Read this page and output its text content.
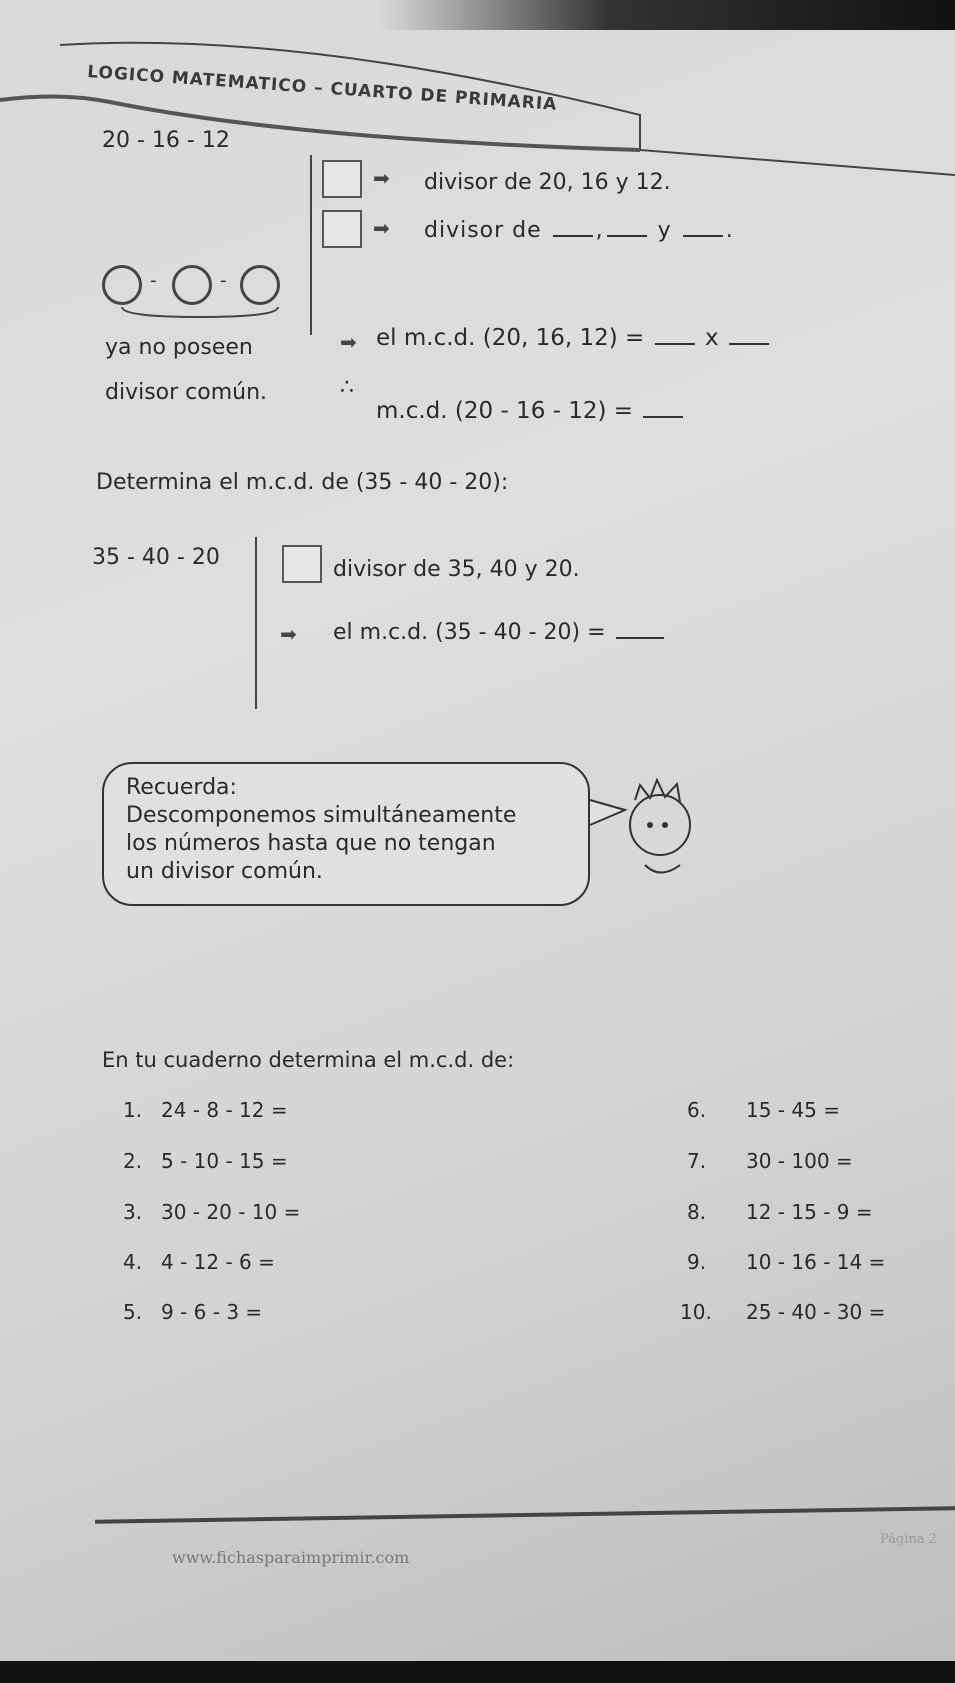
LOGICO MATEMATICO – CUARTO DE PRIMARIA
20 - 16 - 12
➡ divisor de 20, 16 y 12.
➡ divisor de , y .
-	-
ya no poseen
divisor común.
➡ el m.c.d. (20, 16, 12) =	x
∴
m.c.d. (20 - 16 - 12) =
Determina el m.c.d. de (35 - 40 - 20):
35 - 40 - 20	divisor de 35, 40 y 20.
➡ el m.c.d. (35 - 40 - 20) =
Recuerda:
Descomponemos simultáneamente
los números hasta que no tengan
un divisor común.
En tu cuaderno determina el m.c.d. de:
1. 24 - 8 - 12 =
2. 5 - 10 - 15 =
3. 30 - 20 - 10 =
4. 4 - 12 - 6 =
5. 9 - 6 - 3 =
6. 15 - 45 =
7. 30 - 100 =
8. 12 - 15 - 9 =
9. 10 - 16 - 14 =
10. 25 - 40 - 30 =
www.fichasparaimprimir.com
Página 2
